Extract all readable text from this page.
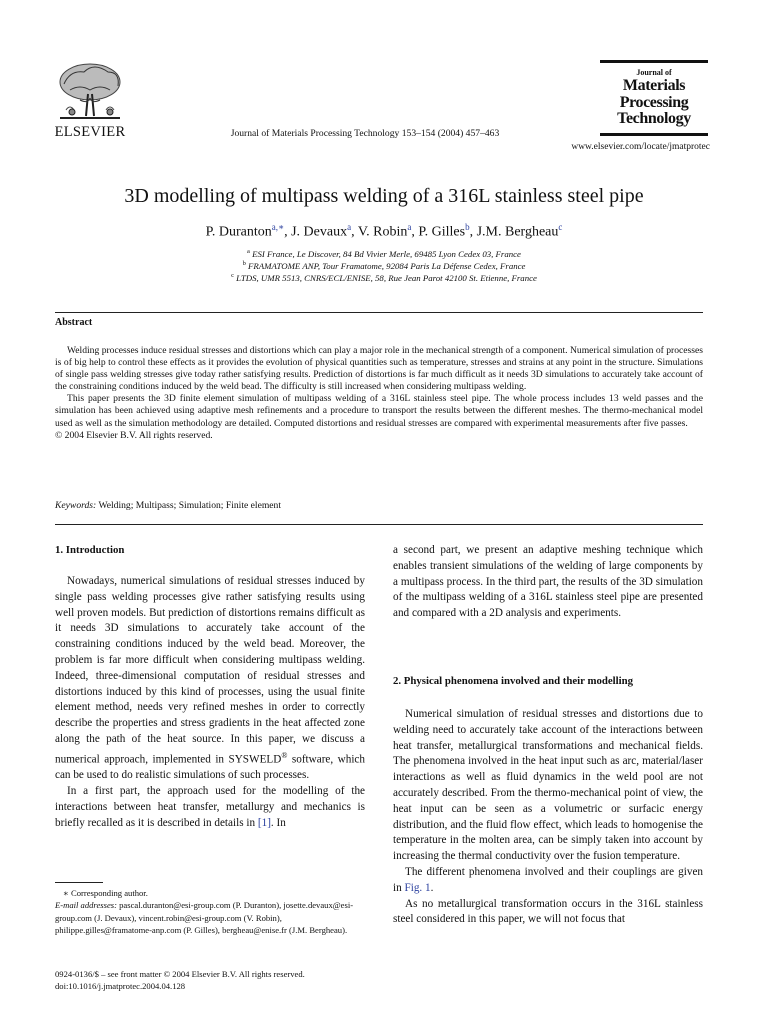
ELSEVIER	Journal of Materials Processing Technology 153–154 (2004) 457–463
Journal of
Materials
Processing
Technology
www.elsevier.com/locate/jmatprotec
3D modelling of multipass welding of a 316L stainless steel pipe
P. Duranton$^{a,∗}$, J. Devaux$^a$, V. Robin$^a$, P. Gilles$^b$, J.M. Bergheau$^c$
$^a$ ESI France, Le Discover, 84 Bd Vivier Merle, 69485 Lyon Cedex 03, France
$^b$ FRAMATOME ANP, Tour Framatome, 92084 Paris La Défense Cedex, France
$^c$ LTDS, UMR 5513, CNRS/ECL/ENISE, 58, Rue Jean Parot 42100 St. Etienne, France
Abstract

Welding processes induce residual stresses and distortions which can play a major role in the mechanical strength of a component. Numerical simulation of processes is of big help to control these effects as it provides the evolution of physical quantities such as temperature, stresses and strains at any point in the structure. Simulations of single pass welding stresses give today rather satisfying results. Prediction of distortions is far much difficult as it needs 3D simulations to accurately take account of the constraining conditions induced by the weld bead. The difficulty is still increased when considering multipass welding.

This paper presents the 3D finite element simulation of multipass welding of a 316L stainless steel pipe. The whole process includes 13 weld passes and the simulation has been achieved using adaptive mesh refinements and a procedure to transport the results between the different meshes. The thermo-mechanical model used as well as the simulation methodology are detailed. Computed distortions and residual stresses are compared with experimental measurements after five passes.

© 2004 Elsevier B.V. All rights reserved.

Keywords: Welding; Multipass; Simulation; Finite element
1. Introduction

Nowadays, numerical simulations of residual stresses induced by single pass welding processes give rather satisfying results using well proven models. But prediction of distortions remains difficult as it needs 3D simulations to accurately take account of the constraining conditions induced by the weld bead. Moreover, the problem is far more difficult when considering multipass welding. Indeed, three-dimensional computation of residual stresses and distortions induced by this kind of processes, using the usual finite element method, needs very refined meshes in order to correctly describe the properties and stress gradients in the heat affected zone along the path of the heat source. In this paper, we discuss a numerical approach, implemented in SYSWELD® software, which can be used to do realistic simulations of such processes.

In a first part, the approach used for the modelling of the interactions between heat transfer, metallurgy and mechanics is briefly recalled as it is described in details in [1]. In

a second part, we present an adaptive meshing technique which enables transient simulations of the welding of large components by a multipass process. In the third part, the results of the 3D simulation of the multipass welding of a 316L stainless steel pipe are presented and compared with a 2D analysis and experiments.

2. Physical phenomena involved and their modelling

Numerical simulation of residual stresses and distortions due to welding need to accurately take account of the interactions between heat transfer, metallurgical transformations and mechanical fields. The phenomena involved in the heat input such as arc, material/laser interactions as well as fluid dynamics in the weld pool are not accurately described. From the thermo-mechanical point of view, the heat input can be seen as a volumetric or surfacic energy distribution, and the fluid flow effect, which leads to homogenise the temperature in the molten area, can be simply taken into account by increasing the thermal conductivity over the fusion temperature.

The different phenomena involved and their couplings are given in Fig. 1.

As no metallurgical transformation occurs in the 316L stainless steel considered in this paper, we will not focus that

∗ Corresponding author.

E-mail addresses: pascal.duranton@esi-group.com (P. Duranton), josette.devaux@esi-group.com (J. Devaux), vincent.robin@esi-group.com (V. Robin), philippe.gilles@framatome-anp.com (P. Gilles), bergheau@enise.fr (J.M. Bergheau).

0924-0136/$ – see front matter © 2004 Elsevier B.V. All rights reserved.

doi:10.1016/j.jmatprotec.2004.04.128
